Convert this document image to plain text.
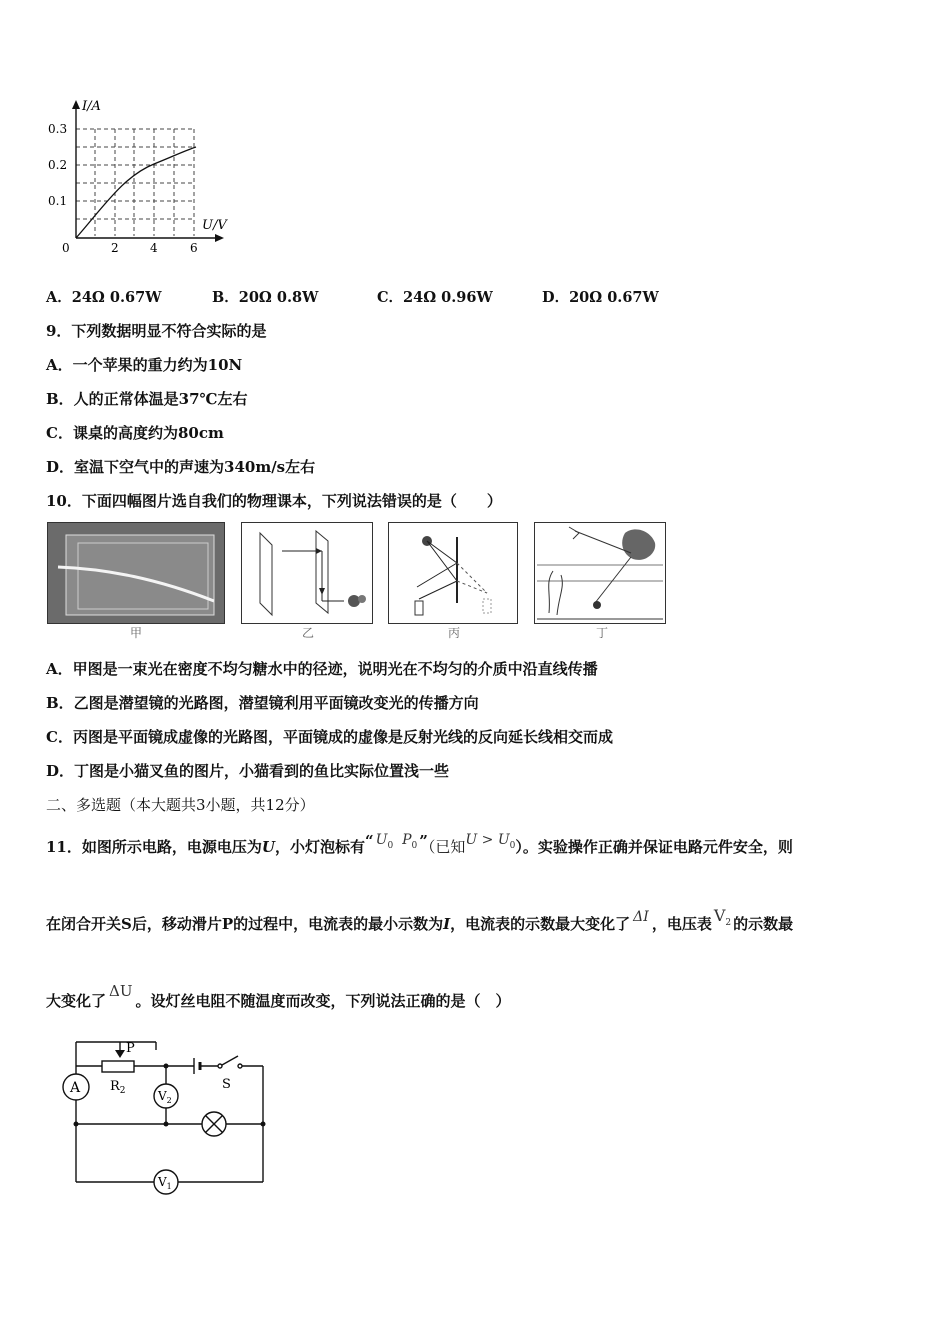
I/A
U/V
0.3
0.2
0.1
0	2	4	6
A．24Ω 0.67W	B．20Ω 0.8W	C．24Ω 0.96W	D．20Ω 0.67W
9．下列数据明显不符合实际的是
A．一个苹果的重力约为10N
B．人的正常体温是37℃左右
C．课桌的高度约为80cm
D．室温下空气中的声速为340m/s左右
10．下面四幅图片选自我们的物理课本，下列说法错误的是（　　）
甲	乙	丙	丁
A．甲图是一束光在密度不均匀糖水中的径迹，说明光在不均匀的介质中沿直线传播
B．乙图是潜望镜的光路图，潜望镜利用平面镜改变光的传播方向
C．丙图是平面镜成虚像的光路图，平面镜成的虚像是反射光线的反向延长线相交而成
D．丁图是小猫叉鱼的图片，小猫看到的鱼比实际位置浅一些
二、多选题（本大题共3小题，共12分）
11．如图所示电路，电源电压为U，小灯泡标有“ $U_0$ $P_0$ ”（已知$U > U_0$）。实验操作正确并保证电路元件安全，则
在闭合开关S后，移动滑片P的过程中，电流表的最小示数为I，电流表的示数最大变化了 ΔI ，电压表 $V_2$ 的示数最
大变化了ΔU。设灯丝电阻不随温度而改变，下列说法正确的是（　）
A
P
$R_2$	S
$V_2$
$V_1$
